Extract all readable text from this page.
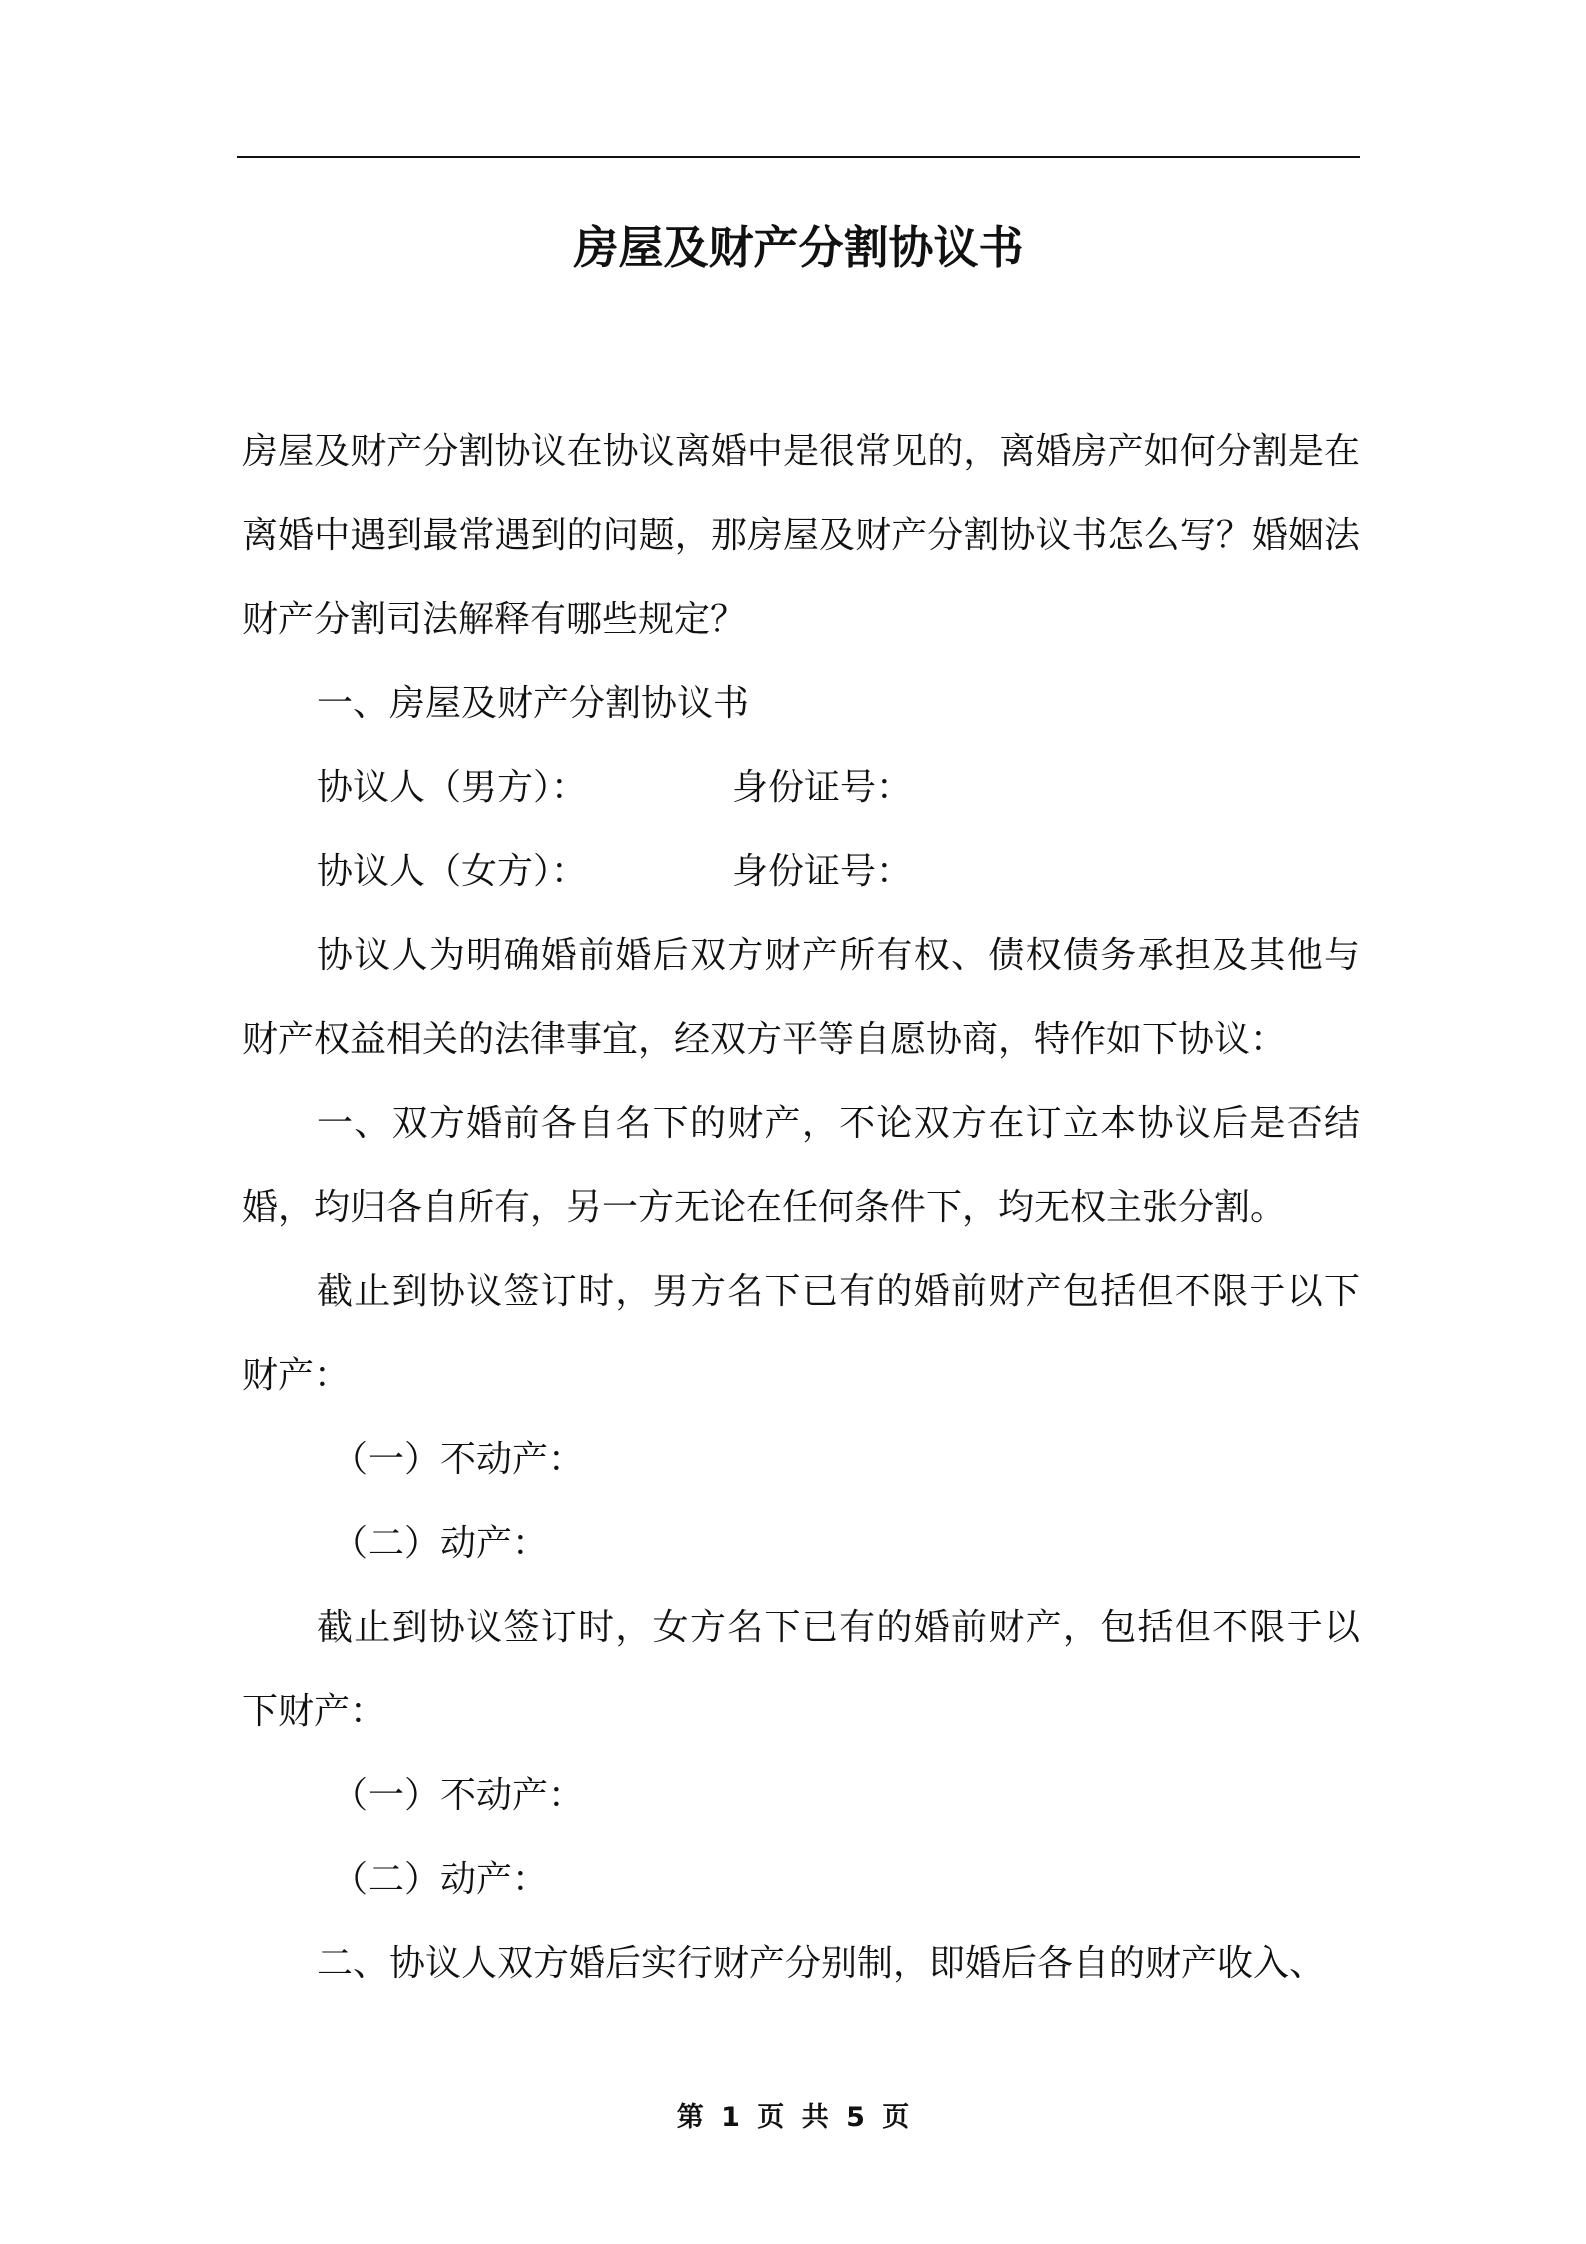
房屋及财产分割协议书

房屋及财产分割协议在协议离婚中是很常见的，离婚房产如何分割是在离婚中遇到最常遇到的问题，那房屋及财产分割协议书怎么写？婚姻法财产分割司法解释有哪些规定？

一、房屋及财产分割协议书

协议人（男方）：	身份证号：

协议人（女方）：	身份证号：

协议人为明确婚前婚后双方财产所有权、债权债务承担及其他与财产权益相关的法律事宜，经双方平等自愿协商，特作如下协议：

一、双方婚前各自名下的财产，不论双方在订立本协议后是否结婚，均归各自所有，另一方无论在任何条件下，均无权主张分割。

截止到协议签订时，男方名下已有的婚前财产包括但不限于以下财产：

（一）不动产：

（二）动产：

截止到协议签订时，女方名下已有的婚前财产，包括但不限于以下财产：

（一）不动产：

（二）动产：

二、协议人双方婚后实行财产分别制，即婚后各自的财产收入、

第 1 页 共 5 页
